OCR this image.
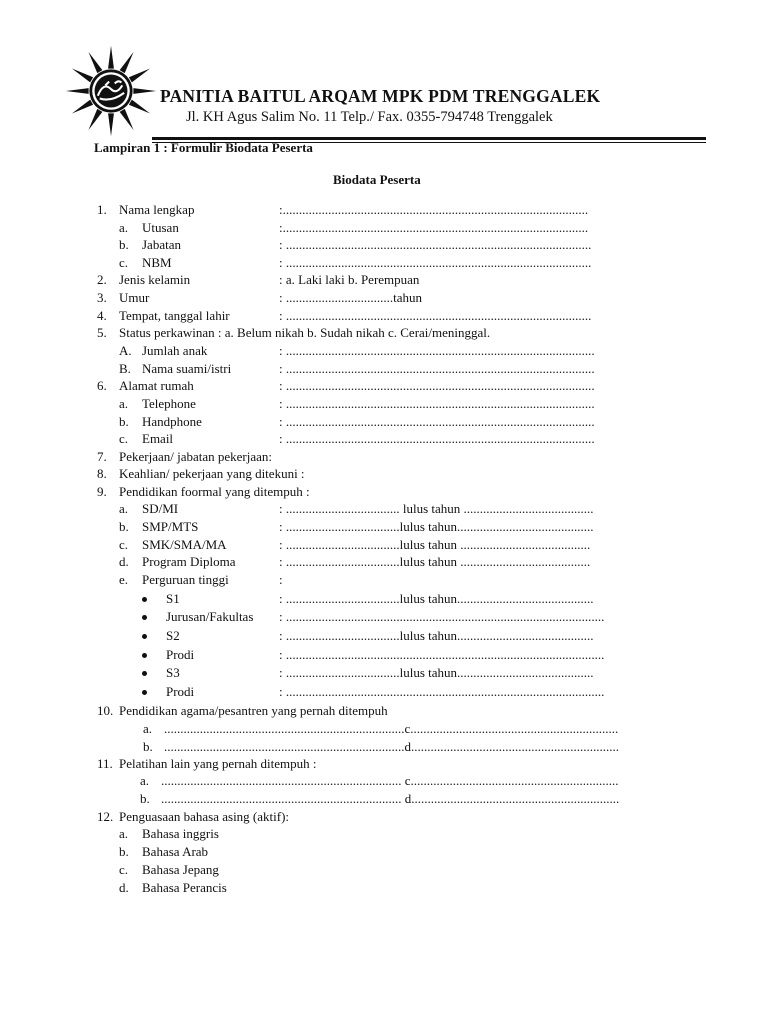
PANITIA BAITUL ARQAM MPK PDM TRENGGALEK
Jl. KH Agus Salim No. 11 Telp./ Fax. 0355-794748 Trenggalek
Lampiran 1 : Formulir Biodata Peserta
Biodata Peserta
1. Nama lengkap	:..............................................................................................
a. Utusan	:..............................................................................................
b. Jabatan	: ..............................................................................................
c. NBM	: ..............................................................................................
2. Jenis kelamin	: a. Laki laki b. Perempuan
3. Umur	: .................................tahun
4. Tempat, tanggal lahir	: ..............................................................................................
5. Status perkawinan : a. Belum nikah b. Sudah nikah c. Cerai/meninggal.
A. Jumlah anak	: ...............................................................................................
B. Nama suami/istri	: ...............................................................................................
6. Alamat rumah	: ...............................................................................................
a. Telephone	: ...............................................................................................
b. Handphone	: ...............................................................................................
c. Email	: ...............................................................................................
7. Pekerjaan/ jabatan pekerjaan:
8. Keahlian/ pekerjaan yang ditekuni :
9. Pendidikan foormal yang ditempuh :
a. SD/MI	: ................................... lulus tahun ........................................
b. SMP/MTS	: ...................................lulus tahun..........................................
c. SMK/SMA/MA	: ...................................lulus tahun ........................................
d. Program Diploma	: ...................................lulus tahun ........................................
e. Perguruan tinggi	:
S1	: ...................................lulus tahun..........................................
Jurusan/Fakultas : ..................................................................................................
S2	: ...................................lulus tahun..........................................
Prodi	: ..................................................................................................
S3	: ...................................lulus tahun..........................................
Prodi	: ..................................................................................................
10. Pendidikan agama/pesantren yang pernah ditempuh
a. ..........................................................................c................................................................
b. ..........................................................................d................................................................
11. Pelatihan lain yang pernah ditempuh :
a. .......................................................................... c................................................................
b. .......................................................................... d................................................................
12. Penguasaan bahasa asing (aktif):
a. Bahasa inggris
b. Bahasa Arab
c. Bahasa Jepang
d. Bahasa Perancis
